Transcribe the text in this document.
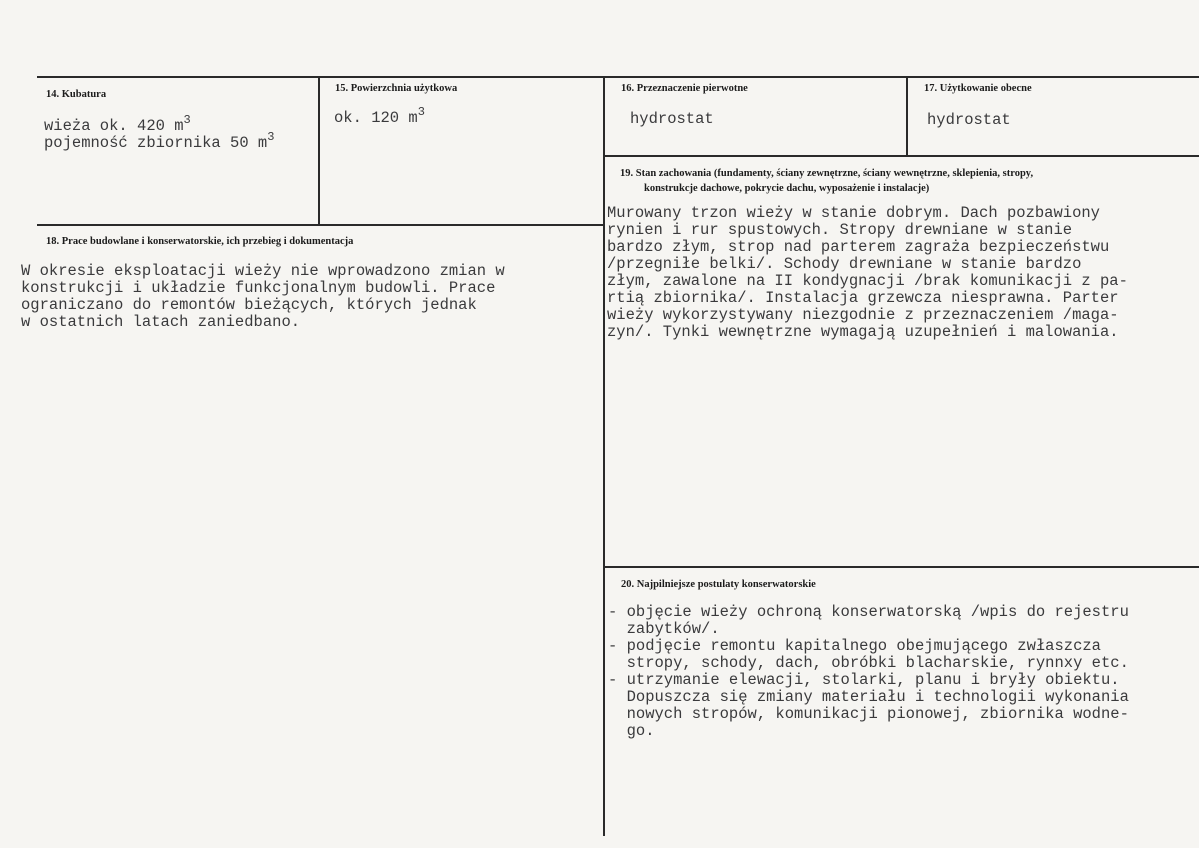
14. Kubatura
wieża ok. 420 $m^3$
pojemność zbiornika 50 $m^3$
15. Powierzchnia użytkowa
ok. 120 $m^3$
16. Przeznaczenie pierwotne
hydrostat
17. Użytkowanie obecne
hydrostat
19. Stan zachowania (fundamenty, ściany zewnętrzne, ściany wewnętrzne, sklepienia, stropy,
konstrukcje dachowe, pokrycie dachu, wyposażenie i instalacje)
Murowany trzon wieży w stanie dobrym. Dach pozbawiony
rynien i rur spustowych. Stropy drewniane w stanie
bardzo złym, strop nad parterem zagraża bezpieczeństwu
/przegniłe belki/. Schody drewniane w stanie bardzo
złym, zawalone na II kondygnacji /brak komunikacji z pa-
rtią zbiornika/. Instalacja grzewcza niesprawna. Parter
wieży wykorzystywany niezgodnie z przeznaczeniem /maga-
zyn/. Tynki wewnętrzne wymagają uzupełnień i malowania.
18. Prace budowlane i konserwatorskie, ich przebieg i dokumentacja
W okresie eksploatacji wieży nie wprowadzono zmian w
konstrukcji i układzie funkcjonalnym budowli. Prace
ograniczano do remontów bieżących, których jednak
w ostatnich latach zaniedbano.
20. Najpilniejsze postulaty konserwatorskie
- objęcie wieży ochroną konserwatorską /wpis do rejestru
zabytków/.
- podjęcie remontu kapitalnego obejmującego zwłaszcza
stropy, schody, dach, obróbki blacharskie, rynnxy etc.
- utrzymanie elewacji, stolarki, planu i bryły obiektu.
Dopuszcza się zmiany materiału i technologii wykonania
nowych stropów, komunikacji pionowej, zbiornika wodne-
go.
